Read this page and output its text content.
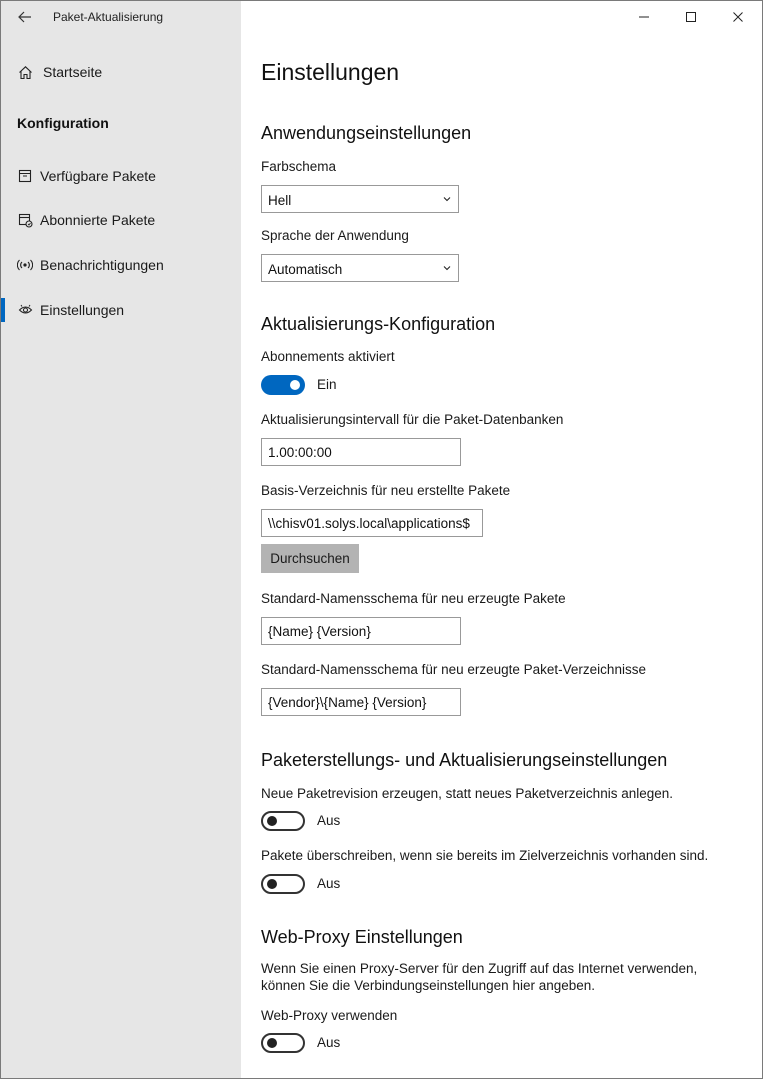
Paket-Aktualisierung
Startseite
Konfiguration
Verfügbare Pakete
Abonnierte Pakete
Benachrichtigungen
Einstellungen
Einstellungen
Anwendungseinstellungen
Farbschema
Hell
Sprache der Anwendung
Automatisch
Aktualisierungs-Konfiguration
Abonnements aktiviert
Ein
Aktualisierungsintervall für die Paket-Datenbanken
1.00:00:00
Basis-Verzeichnis für neu erstellte Pakete
\\chisv01.solys.local\applications$
Durchsuchen
Standard-Namensschema für neu erzeugte Pakete
{Name} {Version}
Standard-Namensschema für neu erzeugte Paket-Verzeichnisse
{Vendor}\{Name} {Version}
Paketerstellungs- und Aktualisierungseinstellungen
Neue Paketrevision erzeugen, statt neues Paketverzeichnis anlegen.
Aus
Pakete überschreiben, wenn sie bereits im Zielverzeichnis vorhanden sind.
Aus
Web-Proxy Einstellungen
Wenn Sie einen Proxy-Server für den Zugriff auf das Internet verwenden, können Sie die Verbindungseinstellungen hier angeben.
Web-Proxy verwenden
Aus
